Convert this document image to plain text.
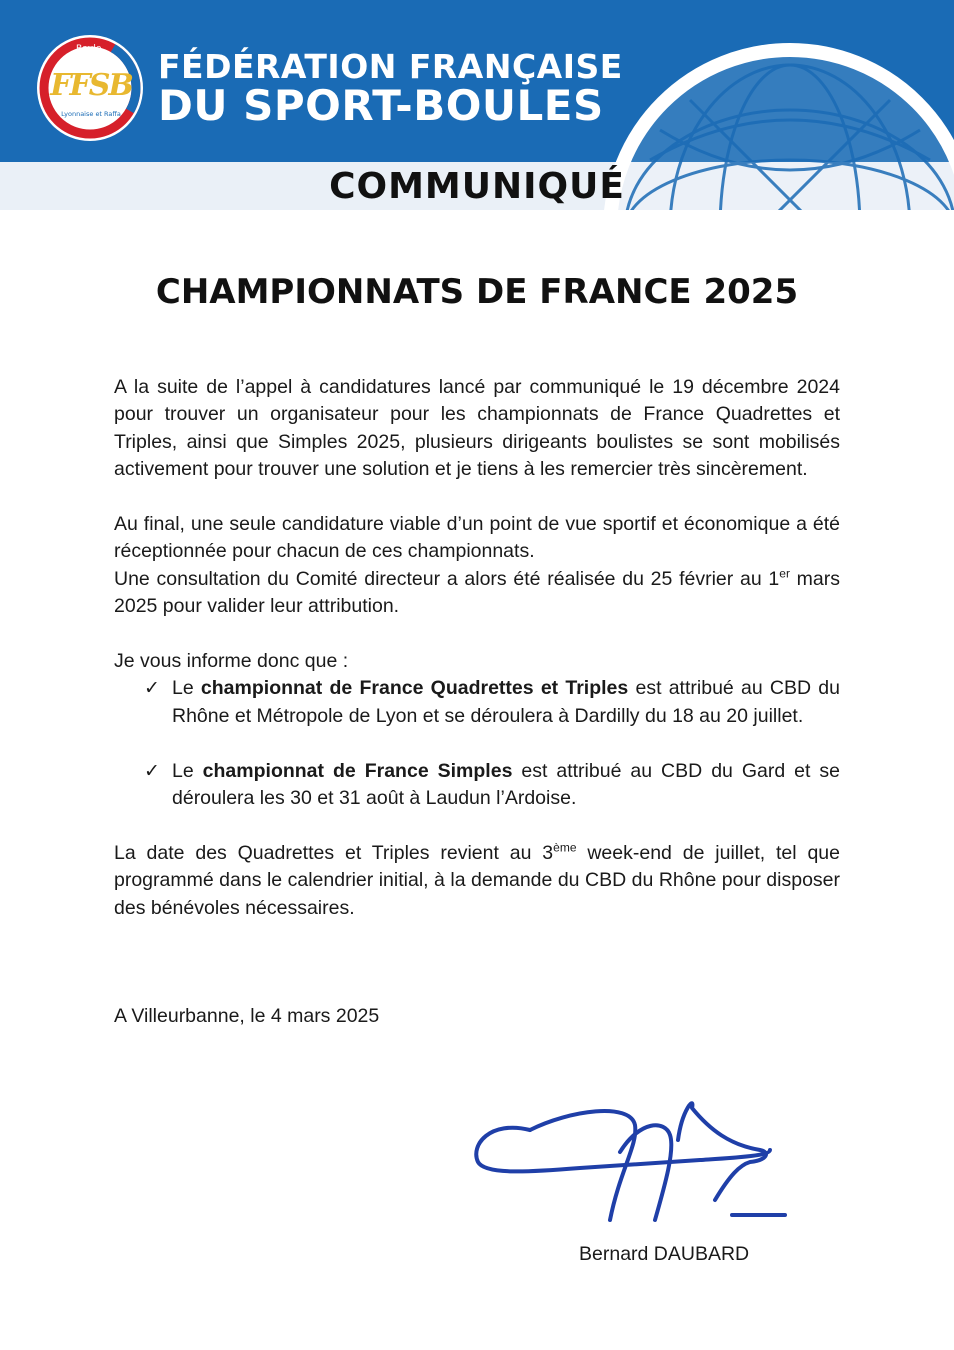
Boule
FFSB
Lyonnaise et Raffa
FÉDÉRATION FRANÇAISE
DU SPORT-BOULES
COMMUNIQUÉ
CHAMPIONNATS DE FRANCE 2025

A la suite de l’appel à candidatures lancé par communiqué le 19 décembre 2024 pour trouver un organisateur pour les championnats de France Quadrettes et Triples, ainsi que Simples 2025, plusieurs dirigeants boulistes se sont mobilisés activement pour trouver une solution et je tiens à les remercier très sincèrement.

Au final, une seule candidature viable d’un point de vue sportif et économique a été réceptionnée pour chacun de ces championnats.

Une consultation du Comité directeur a alors été réalisée du 25 février au 1er mars 2025 pour valider leur attribution.

Je vous informe donc que :

✓ Le championnat de France Quadrettes et Triples est attribué au CBD du Rhône et Métropole de Lyon et se déroulera à Dardilly du 18 au 20 juillet.
✓ Le championnat de France Simples est attribué au CBD du Gard et se déroulera les 30 et 31 août à Laudun l’Ardoise.

La date des Quadrettes et Triples revient au 3ème week-end de juillet, tel que programmé dans le calendrier initial, à la demande du CBD du Rhône pour disposer des bénévoles nécessaires.

A Villeurbanne, le 4 mars 2025
Bernard DAUBARD
